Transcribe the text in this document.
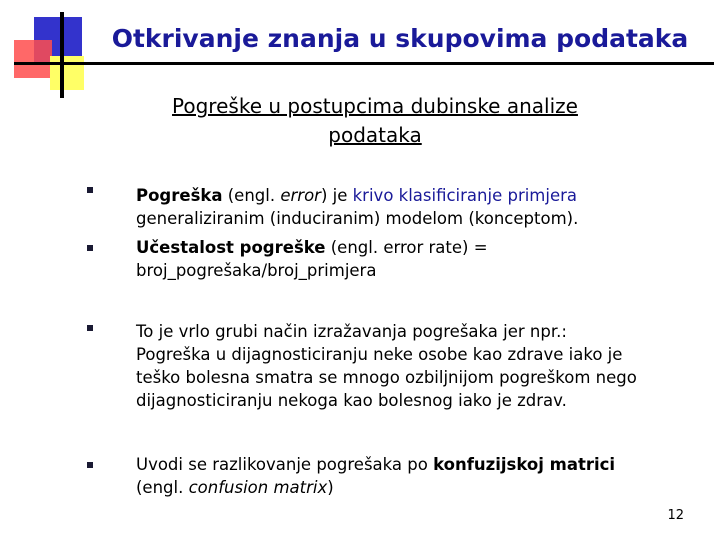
Otkrivanje znanja u skupovima podataka
Pogreške u postupcima dubinske analize
podataka
Pogreška (engl. error) je krivo klasificiranje primjera
generaliziranim (induciranim) modelom (konceptom).
Učestalost pogreške (engl. error rate) =
broj_pogrešaka/broj_primjera
To je vrlo grubi način izražavanja pogrešaka jer npr.:
Pogreška u dijagnosticiranju neke osobe kao zdrave iako je
teško bolesna smatra se mnogo ozbiljnijom pogreškom nego
dijagnosticiranju nekoga kao bolesnog iako je zdrav.
Uvodi se razlikovanje pogrešaka po konfuzijskoj matrici
(engl. confusion matrix)
12
